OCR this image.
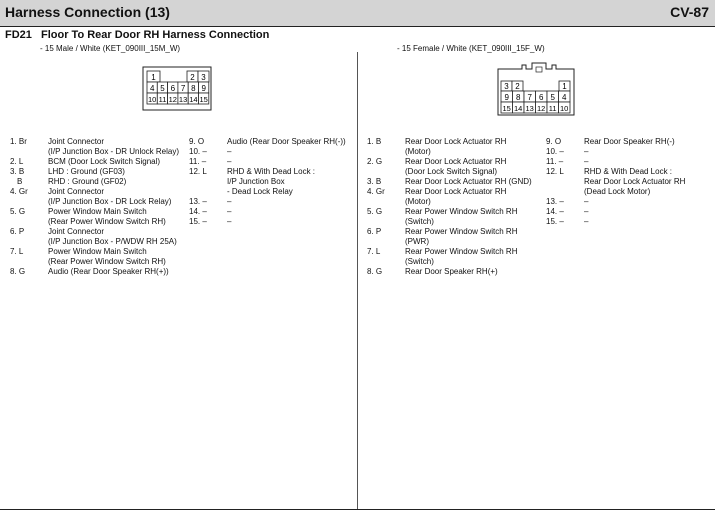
Harness Connection (13)	CV-87
FD21 Floor To Rear Door RH Harness Connection
- 15 Male / White (KET_090III_15M_W)	- 15 Female / White (KET_090III_15F_W)
1	2 3
4 5 6 7 8 9
10 11 12 13 14 15
3 2	1
9 8 7 6 5 4
15 14 13 12 11 10
1. Br	Joint Connector
(I/P Junction Box - DR Unlock Relay)
2. L	BCM (Door Lock Switch Signal)
3. B	LHD : Ground (GF03)
B	RHD : Ground (GF02)
4. Gr	Joint Connector
(I/P Junction Box - DR Lock Relay)
5. G	Power Window Main Switch
(Rear Power Window Switch RH)
6. P	Joint Connector
(I/P Junction Box - P/WDW RH 25A)
7. L	Power Window Main Switch
(Rear Power Window Switch RH)
8. G	Audio (Rear Door Speaker RH(+))
9. O	Audio (Rear Door Speaker RH(-))
10. –	–
11. –	–
12. L	RHD & With Dead Lock :
I/P Junction Box
- Dead Lock Relay
13. –	–
14. –	–
15. –	–
1. B	Rear Door Lock Actuator RH
(Motor)
2. G	Rear Door Lock Actuator RH
(Door Lock Switch Signal)
3. B	Rear Door Lock Actuator RH (GND)
4. Gr	Rear Door Lock Actuator RH
(Motor)
5. G	Rear Power Window Switch RH
(Switch)
6. P	Rear Power Window Switch RH
(PWR)
7. L	Rear Power Window Switch RH
(Switch)
8. G	Rear Door Speaker RH(+)
9. O	Rear Door Speaker RH(-)
10. –	–
11. –	–
12. L	RHD & With Dead Lock :
Rear Door Lock Actuator RH
(Dead Lock Motor)
13. –	–
14. –	–
15. –	–
